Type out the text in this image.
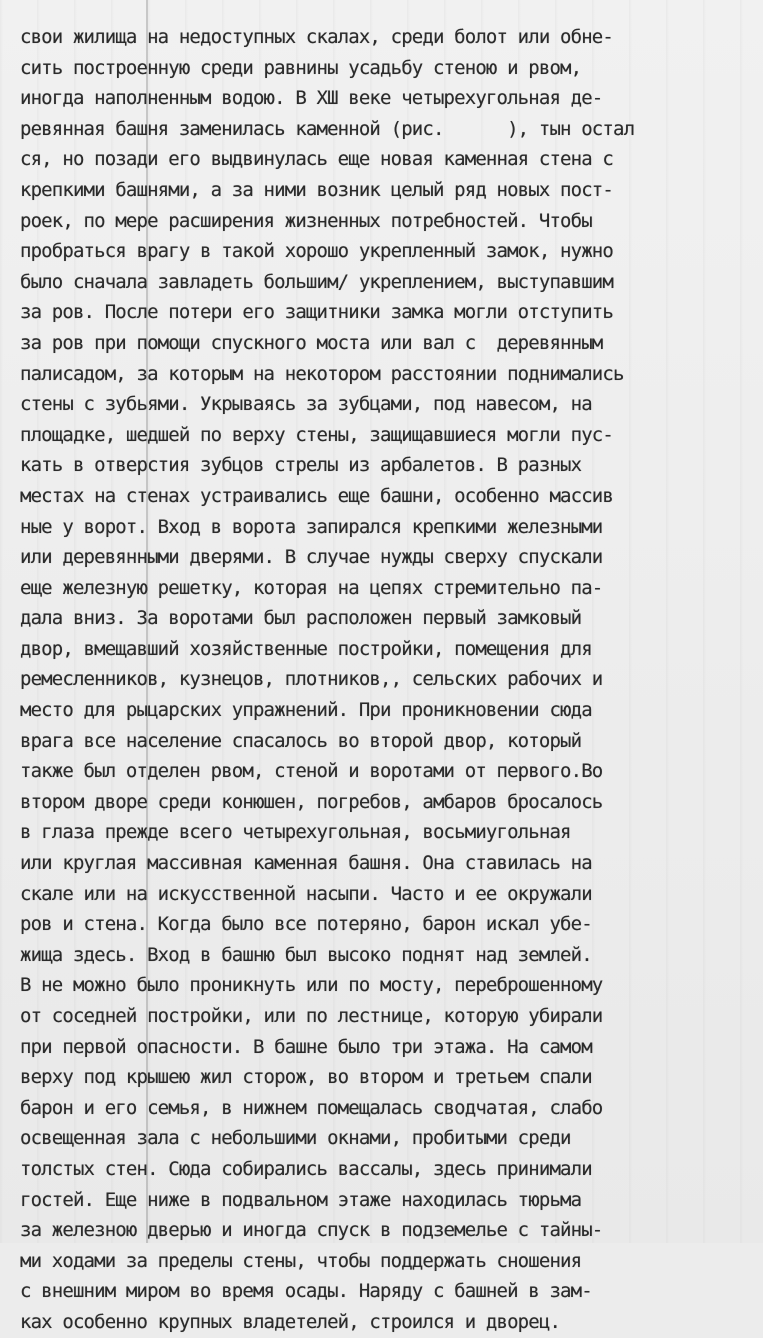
свои жилища на недоступных скалах, среди болот или обне-
сить построенную среди равнины усадьбу стеною и рвом,
иногда наполненным водою. В XШ веке четырехугольная де-
ревянная башня заменилась каменной (рис.      ), тын остал
ся, но позади его выдвинулась еще новая каменная стена с
крепкими башнями, а за ними возник целый ряд новых пост-
роек, по мере расширения жизненных потребностей. Чтобы
пробраться врагу в такой хорошо укрепленный замок, нужно
было сначала завладеть большим/ укреплением, выступавшим
за ров. После потери его защитники замка могли отступить
за ров при помощи спускного моста или вал с  деревянным
палисадом, за которым на некотором расстоянии поднимались
стены с зубьями. Укрываясь за зубцами, под навесом, на
площадке, шедшей по верху стены, защищавшиеся могли пус-
кать в отверстия зубцов стрелы из арбалетов. В разных
местах на стенах устраивались еще башни, особенно массив
ные у ворот. Вход в ворота запирался крепкими железными
или деревянными дверями. В случае нужды сверху спускали
еще железную решетку, которая на цепях стремительно па-
дала вниз. За воротами был расположен первый замковый
двор, вмещавший хозяйственные постройки, помещения для
ремесленников, кузнецов, плотников,, сельских рабочих и
место для рыцарских упражнений. При проникновении сюда
врага все население спасалось во второй двор, который
также был отделен рвом, стеной и воротами от первого.Во
втором дворе среди конюшен, погребов, амбаров бросалось
в глаза прежде всего четырехугольная, восьмиугольная
или круглая массивная каменная башня. Она ставилась на
скале или на искусственной насыпи. Часто и ее окружали
ров и стена. Когда было все потеряно, барон искал убе-
жища здесь. Вход в башню был высоко поднят над землей.
В не можно было проникнуть или по мосту, переброшенному
от соседней постройки, или по лестнице, которую убирали
при первой опасности. В башне было три этажа. На самом
верху под крышею жил сторож, во втором и третьем спали
барон и его семья, в нижнем помещалась сводчатая, слабо
освещенная зала с небольшими окнами, пробитыми среди
толстых стен. Сюда собирались вассалы, здесь принимали
гостей. Еще ниже в подвальном этаже находилась тюрьма
за железною дверью и иногда спуск в подземелье с тайны-
ми ходами за пределы стены, чтобы поддержать сношения
с внешним миром во время осады. Наряду с башней в зам-
ках особенно крупных владетелей, строился и дворец.
